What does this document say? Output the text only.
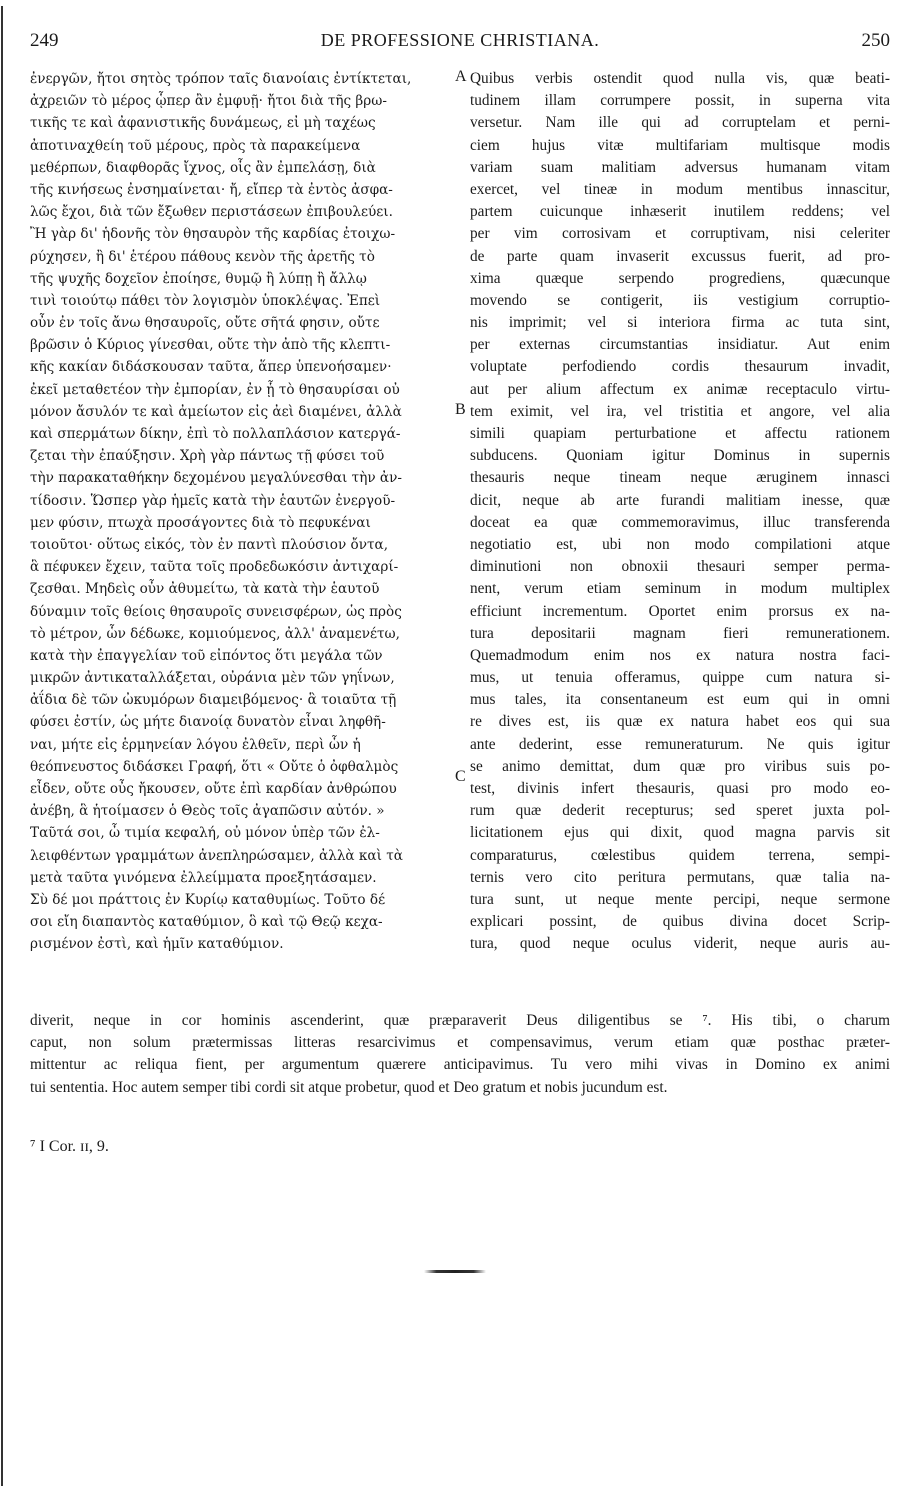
249	DE PROFESSIONE CHRISTIANA.	250
ἐνεργῶν, ἤτοι σητὸς τρόπον ταῖς διανοίαις ἐντίκτεται,
ἀχρειῶν τὸ μέρος ᾧπερ ἂν ἐμφυῇ· ἤτοι διὰ τῆς βρω-
τικῆς τε καὶ ἀφανιστικῆς δυνάμεως, εἰ μὴ ταχέως
ἀποτιναχθείη τοῦ μέρους, πρὸς τὰ παρακείμενα
μεθέρπων, διαφθορᾶς ἴχνος, οἷς ἂν ἐμπελάσῃ, διὰ
τῆς κινήσεως ἐνσημαίνεται· ἤ, εἴπερ τὰ ἐντὸς ἀσφα-
λῶς ἔχοι, διὰ τῶν ἔξωθεν περιστάσεων ἐπιβουλεύει.
Ἢ γὰρ δι' ἡδονῆς τὸν θησαυρὸν τῆς καρδίας ἐτοιχω-
ρύχησεν, ἢ δι' ἑτέρου πάθους κενὸν τῆς ἀρετῆς τὸ
τῆς ψυχῆς δοχεῖον ἐποίησε, θυμῷ ἢ λύπῃ ἢ ἄλλῳ
τινὶ τοιούτῳ πάθει τὸν λογισμὸν ὑποκλέψας. Ἐπεὶ
οὖν ἐν τοῖς ἄνω θησαυροῖς, οὔτε σῆτά φησιν, οὔτε
βρῶσιν ὁ Κύριος γίνεσθαι, οὔτε τὴν ἀπὸ τῆς κλεπτι-
κῆς κακίαν διδάσκουσαν ταῦτα, ἅπερ ὑπενοήσαμεν·
ἐκεῖ μεταθετέον τὴν ἐμπορίαν, ἐν ᾗ τὸ θησαυρίσαι οὐ
μόνον ἄσυλόν τε καὶ ἀμείωτον εἰς ἀεὶ διαμένει, ἀλλὰ
καὶ σπερμάτων δίκην, ἐπὶ τὸ πολλαπλάσιον κατεργά-
ζεται τὴν ἐπαύξησιν. Χρὴ γὰρ πάντως τῇ φύσει τοῦ
τὴν παρακαταθήκην δεχομένου μεγαλύνεσθαι τὴν ἀν-
τίδοσιν. Ὥσπερ γὰρ ἡμεῖς κατὰ τὴν ἑαυτῶν ἐνεργοῦ-
μεν φύσιν, πτωχὰ προσάγοντες διὰ τὸ πεφυκέναι
τοιοῦτοι· οὕτως εἰκός, τὸν ἐν παντὶ πλούσιον ὄντα,
ἃ πέφυκεν ἔχειν, ταῦτα τοῖς προδεδωκόσιν ἀντιχαρί-
ζεσθαι. Μηδεὶς οὖν ἀθυμείτω, τὰ κατὰ τὴν ἑαυτοῦ
δύναμιν τοῖς θείοις θησαυροῖς συνεισφέρων, ὡς πρὸς
τὸ μέτρον, ὧν δέδωκε, κομιούμενος, ἀλλ' ἀναμενέτω,
κατὰ τὴν ἐπαγγελίαν τοῦ εἰπόντος ὅτι μεγάλα τῶν
μικρῶν ἀντικαταλλάξεται, οὐράνια μὲν τῶν γηΐνων,
ἀΐδια δὲ τῶν ὠκυμόρων διαμειβόμενος· ἃ τοιαῦτα τῇ
φύσει ἐστίν, ὡς μήτε διανοίᾳ δυνατὸν εἶναι ληφθῆ-
ναι, μήτε εἰς ἑρμηνείαν λόγου ἐλθεῖν, περὶ ὧν ἡ
θεόπνευστος διδάσκει Γραφή, ὅτι « Οὔτε ὁ ὀφθαλμὸς
εἶδεν, οὔτε οὖς ἤκουσεν, οὔτε ἐπὶ καρδίαν ἀνθρώπου
ἀνέβη, ἃ ἡτοίμασεν ὁ Θεὸς τοῖς ἀγαπῶσιν αὐτόν. »
Ταῦτά σοι, ὦ τιμία κεφαλή, οὐ μόνον ὑπὲρ τῶν ἐλ-
λειφθέντων γραμμάτων ἀνεπληρώσαμεν, ἀλλὰ καὶ τὰ
μετὰ ταῦτα γινόμενα ἐλλείμματα προεξητάσαμεν.
Σὺ δέ μοι πράττοις ἐν Κυρίῳ καταθυμίως. Τοῦτο δέ
σοι εἴη διαπαντὸς καταθύμιον, ὃ καὶ τῷ Θεῷ κεχα-
ρισμένον ἐστὶ, καὶ ἡμῖν καταθύμιον.
Quibus verbis ostendit quod nulla vis, quæ beati-
tudinem illam corrumpere possit, in superna vita
versetur. Nam ille qui ad corruptelam et perni-
ciem hujus vitæ multifariam multisque modis
variam suam malitiam adversus humanam vitam
exercet, vel tineæ in modum mentibus innascitur,
partem cuicunque inhæserit inutilem reddens; vel
per vim corrosivam et corruptivam, nisi celeriter
de parte quam invaserit excussus fuerit, ad pro-
xima quæque serpendo progrediens, quæcunque
movendo se contigerit, iis vestigium corruptio-
nis imprimit; vel si interiora firma ac tuta sint,
per externas circumstantias insidiatur. Aut enim
voluptate perfodiendo cordis thesaurum invadit,
aut per alium affectum ex animæ receptaculo virtu-
tem eximit, vel ira, vel tristitia et angore, vel alia
simili quapiam perturbatione et affectu rationem
subducens. Quoniam igitur Dominus in supernis
thesauris neque tineam neque æruginem innasci
dicit, neque ab arte furandi malitiam inesse, quæ
doceat ea quæ commemoravimus, illuc transferenda
negotiatio est, ubi non modo compilationi atque
diminutioni non obnoxii thesauri semper perma-
nent, verum etiam seminum in modum multiplex
efficiunt incrementum. Oportet enim prorsus ex na-
tura depositarii magnam fieri remunerationem.
Quemadmodum enim nos ex natura nostra faci-
mus, ut tenuia offeramus, quippe cum natura si-
mus tales, ita consentaneum est eum qui in omni
re dives est, iis quæ ex natura habet eos qui sua
ante dederint, esse remuneraturum. Ne quis igitur
se animo demittat, dum quæ pro viribus suis po-
test, divinis infert thesauris, quasi pro modo eo-
rum quæ dederit recepturus; sed speret juxta pol-
licitationem ejus qui dixit, quod magna parvis sit
comparaturus, cœlestibus quidem terrena, sempi-
ternis vero cito peritura permutans, quæ talia na-
tura sunt, ut neque mente percipi, neque sermone
explicari possint, de quibus divina docet Scrip-
tura, quod neque oculus viderit, neque auris au-
A
B
C
diverit, neque in cor hominis ascenderint, quæ præparaverit Deus diligentibus se ⁷. His tibi, o charum
caput, non solum prætermissas litteras resarcivimus et compensavimus, verum etiam quæ posthac præter-
mittentur ac reliqua fient, per argumentum quærere anticipavimus. Tu vero mihi vivas in Domino ex animi
tui sententia. Hoc autem semper tibi cordi sit atque probetur, quod et Deo gratum et nobis jucundum est.
⁷ I Cor. ɪɪ, 9.
